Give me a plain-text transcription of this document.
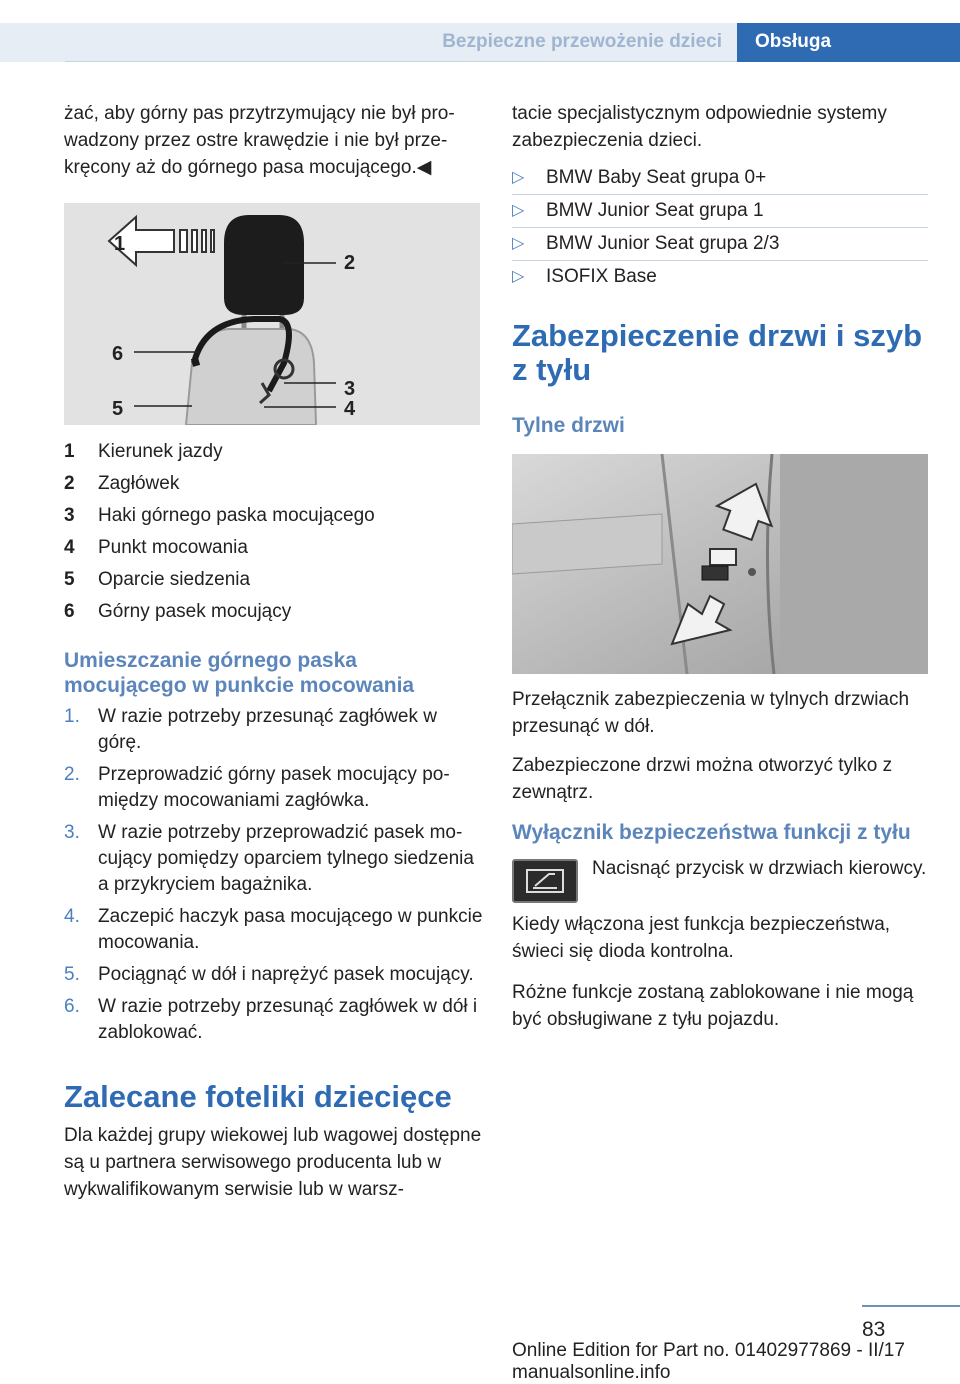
Bezpieczne przewożenie dzieci	Obsługa

żać, aby górny pas przytrzymujący nie był prowadzony przez ostre krawędzie i nie był przekręcony aż do górnego pasa mocującego.◀

1
2
3
4
5
6
1	Kierunek jazdy
2	Zagłówek
3	Haki górnego paska mocującego
4	Punkt mocowania
5	Oparcie siedzenia
6	Górny pasek mocujący
Umieszczanie górnego paska mocującego w punkcie mocowania
1. W razie potrzeby przesunąć zagłówek w górę.
2. Przeprowadzić górny pasek mocujący pomiędzy mocowaniami zagłówka.
3. W razie potrzeby przeprowadzić pasek mocujący pomiędzy oparciem tylnego siedzenia a przykryciem bagażnika.
4. Zaczepić haczyk pasa mocującego w punkcie mocowania.
5. Pociągnąć w dół i naprężyć pasek mocujący.
6. W razie potrzeby przesunąć zagłówek w dół i zablokować.
Zalecane foteliki dziecięce

Dla każdej grupy wiekowej lub wagowej dostępne są u partnera serwisowego producenta lub w wykwalifikowanym serwisie lub w warsz-

tacie specjalistycznym odpowiednie systemy zabezpieczenia dzieci.

▷	BMW Baby Seat grupa 0+
▷	BMW Junior Seat grupa 1
▷	BMW Junior Seat grupa 2/3
▷	ISOFIX Base
Zabezpieczenie drzwi i szyb z tyłu
Tylne drzwi

Przełącznik zabezpieczenia w tylnych drzwiach przesunąć w dół.

Zabezpieczone drzwi można otworzyć tylko z zewnątrz.

Wyłącznik bezpieczeństwa funkcji z tyłu

Nacisnąć przycisk w drzwiach kierowcy.

Kiedy włączona jest funkcja bezpieczeństwa, świeci się dioda kontrolna.

Różne funkcje zostaną zablokowane i nie mogą być obsługiwane z tyłu pojazdu.

83
Online Edition for Part no. 01402977869 - II/17 manualsonline.info
